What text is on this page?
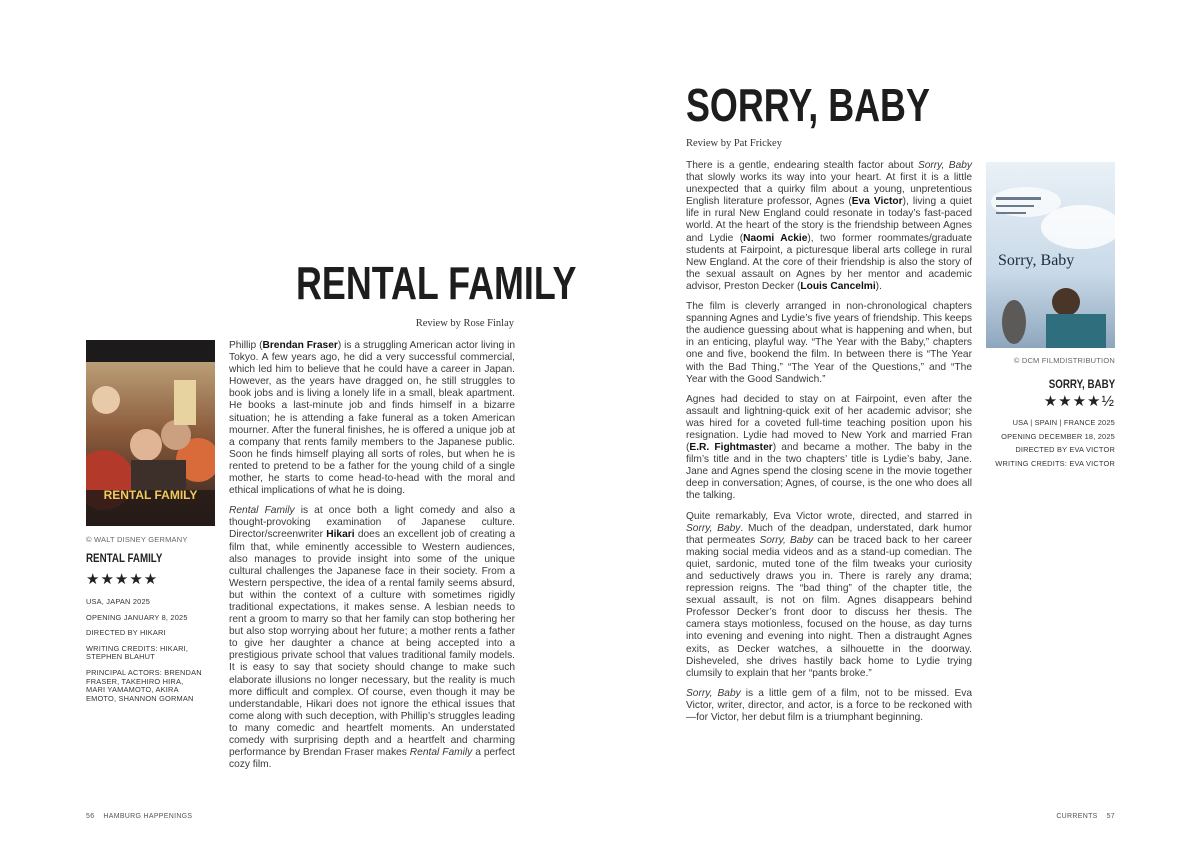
RENTAL FAMILY
Review by Rose Finlay

Phillip (Brendan Fraser) is a struggling American actor living in Tokyo. A few years ago, he did a very successful commercial, which led him to believe that he could have a career in Japan. However, as the years have dragged on, he still struggles to book jobs and is living a lonely life in a small, bleak apartment. He books a last-minute job and finds himself in a bizarre situation; he is attending a fake funeral as a token American mourner. After the funeral finishes, he is offered a unique job at a company that rents family members to the Japanese public. Soon he finds himself playing all sorts of roles, but when he is rented to pretend to be a father for the young child of a single mother, he starts to come head-to-head with the moral and ethical implications of what he is doing.

Rental Family is at once both a light comedy and also a thought-provoking examination of Japanese culture. Director/screenwriter Hikari does an excellent job of creating a film that, while eminently accessible to Western audiences, also manages to provide insight into some of the unique cultural challenges the Japanese face in their society. From a Western perspective, the idea of a rental family seems absurd, but within the context of a culture with sometimes rigidly traditional expectations, it makes sense. A lesbian needs to rent a groom to marry so that her family can stop bothering her but also stop worrying about her future; a mother rents a father to give her daughter a chance at being accepted into a prestigious private school that values traditional family models. It is easy to say that society should change to make such elaborate illusions no longer necessary, but the reality is much more difficult and complex. Of course, even though it may be understandable, Hikari does not ignore the ethical issues that come along with such deception, with Phillip’s struggles leading to many comedic and heartfelt moments. An understated comedy with surprising depth and a heartfelt and charming performance by Brendan Fraser makes Rental Family a perfect cozy film.

RENTAL FAMILY
© WALT DISNEY GERMANY
RENTAL FAMILY
★★★★★
USA, JAPAN 2025
OPENING JANUARY 8, 2025
DIRECTED BY HIKARI
WRITING CREDITS: HIKARI, STEPHEN BLAHUT
PRINCIPAL ACTORS: BRENDAN FRASER, TAKEHIRO HIRA, MARI YAMAMOTO, AKIRA EMOTO, SHANNON GORMAN
56 HAMBURG HAPPENINGS
SORRY, BABY
Review by Pat Frickey

There is a gentle, endearing stealth factor about Sorry, Baby that slowly works its way into your heart. At first it is a little unexpected that a quirky film about a young, unpretentious English literature professor, Agnes (Eva Victor), living a quiet life in rural New England could resonate in today’s fast-paced world. At the heart of the story is the friendship between Agnes and Lydie (Naomi Ackie), two former roommates/graduate students at Fairpoint, a picturesque liberal arts college in rural New England. At the core of their friendship is also the story of the sexual assault on Agnes by her mentor and academic advisor, Preston Decker (Louis Cancelmi).

The film is cleverly arranged in non-chronological chapters spanning Agnes and Lydie’s five years of friendship. This keeps the audience guessing about what is happening and when, but in an enticing, playful way. “The Year with the Baby,” chapters one and five, bookend the film. In between there is “The Year with the Bad Thing,” “The Year of the Questions,” and “The Year with the Good Sandwich.”

Agnes had decided to stay on at Fairpoint, even after the assault and lightning-quick exit of her academic advisor; she was hired for a coveted full-time teaching position upon his resignation. Lydie had moved to New York and married Fran (E.R. Fightmaster) and became a mother. The baby in the film’s title and in the two chapters’ title is Lydie’s baby, Jane. Jane and Agnes spend the closing scene in the movie together deep in conversation; Agnes, of course, is the one who does all the talking.

Quite remarkably, Eva Victor wrote, directed, and starred in Sorry, Baby. Much of the deadpan, understated, dark humor that permeates Sorry, Baby can be traced back to her career making social media videos and as a stand-up comedian. The quiet, sardonic, muted tone of the film tweaks your curiosity and seductively draws you in. There is rarely any drama; repression reigns. The “bad thing” of the chapter title, the sexual assault, is not on film. Agnes disappears behind Professor Decker’s front door to discuss her thesis. The camera stays motionless, focused on the house, as day turns into evening and evening into night. Then a distraught Agnes exits, as Decker watches, a silhouette in the doorway. Disheveled, she drives hastily back home to Lydie trying clumsily to explain that her “pants broke.”

Sorry, Baby is a little gem of a film, not to be missed. Eva Victor, writer, director, and actor, is a force to be reckoned with—for Victor, her debut film is a triumphant beginning.

Sorry, Baby
© DCM FILMDISTRIBUTION
SORRY, BABY
★★★★½
USA | SPAIN | FRANCE 2025
OPENING DECEMBER 18, 2025
DIRECTED BY EVA VICTOR
WRITING CREDITS: EVA VICTOR
CURRENTS 57
